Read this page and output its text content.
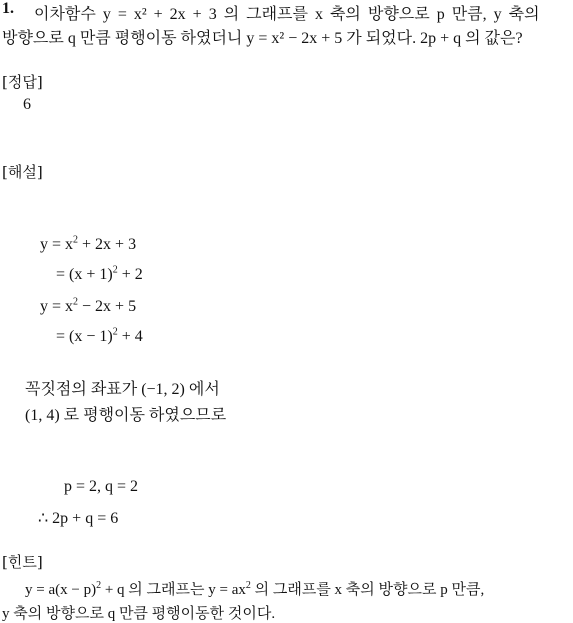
1. 이차함수 y = x² + 2x + 3 의 그래프를 x 축의 방향으로 p 만큼, y 축의
방향으로 q 만큼 평행이동 하였더니 y = x² − 2x + 5 가 되었다. 2p + q 의 값은?
[정답]
6
[해설]
$y = x^2 + 2x + 3$
= $(x + 1)^2 + 2$
$y = x^2 - 2x + 5$
= $(x - 1)^2 + 4$
꼭짓점의 좌표가 (−1, 2) 에서
(1, 4) 로 평행이동 하였으므로
p = 2, q = 2
∴ 2p + q = 6
[힌트]
$y = a(x - p)^2 + q$ 의 그래프는 $y = ax^2$ 의 그래프를 x 축의 방향으로 p 만큼,
y 축의 방향으로 q 만큼 평행이동한 것이다.
